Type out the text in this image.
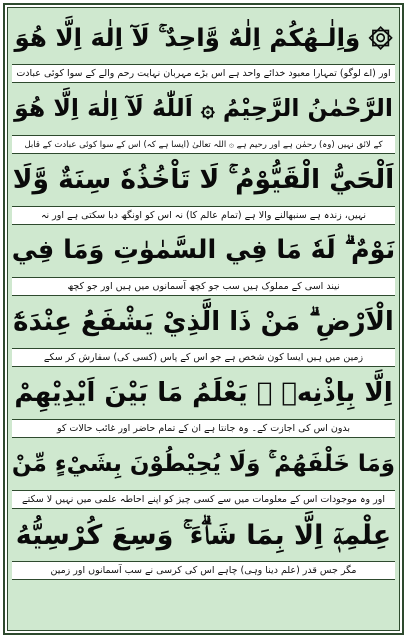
۞ وَاِلٰـهُكُمْ اِلٰهٌ وَّاحِدٌ ۚ لَآ اِلٰهَ اِلَّا هُوَ
اور (اے لوگو) تمہارا معبود خدائے واحد ہے اس بڑے مہربان نہایت رحم والے کے سوا کوئی عبادت
الرَّحْمٰنُ الرَّحِيْمُ ۞ اَللّٰهُ لَآ اِلٰهَ اِلَّا هُوَ
کے لائق نہیں (وہ) رحمٰن ہے اور رحیم ہے ۞ اللہ تعالیٰ (ایسا ہے کہ) اس کے سوا کوئی عبادت کے قابل
اَلْحَيُّ الْقَيُّوْمُ ۚ لَا تَاْخُذُهٗ سِنَةٌ وَّلَا
نہیں، زندہ ہے سنبھالنے والا ہے (تمام عالم کا) نہ اس کو اونگھ دبا سکتی ہے اور نہ
نَوْمٌ ۗ لَهٗ مَا فِي السَّمٰوٰتِ وَمَا فِي
نیند اسی کے مملوک ہیں سب جو کچھ آسمانوں میں ہیں اور جو کچھ
الْاَرْضِ ۗ مَنْ ذَا الَّذِيْ يَشْفَعُ عِنْدَهٗٓ
زمین میں ہیں ایسا کون شخص ہے جو اس کے پاس (کسی کی) سفارش کر سکے
اِلَّا بِاِذْنِهٖ ۗ يَعْلَمُ مَا بَيْنَ اَيْدِيْهِمْ
بدون اس کی اجازت کے۔ وہ جانتا ہے ان کے تمام حاضر اور غائب حالات کو
وَمَا خَلْفَهُمْ ۚ وَلَا يُحِيْطُوْنَ بِشَيْءٍ مِّنْ
اور وہ موجودات اس کے معلومات میں سے کسی چیز کو اپنے احاطہ علمی میں نہیں لا سکتے
عِلْمِهٖٓ اِلَّا بِمَا شَاۗءَ ۚ وَسِعَ كُرْسِيُّهُ
مگر جس قدر (علم دینا وہی) چاہے اس کی کرسی نے سب آسمانوں اور زمین
